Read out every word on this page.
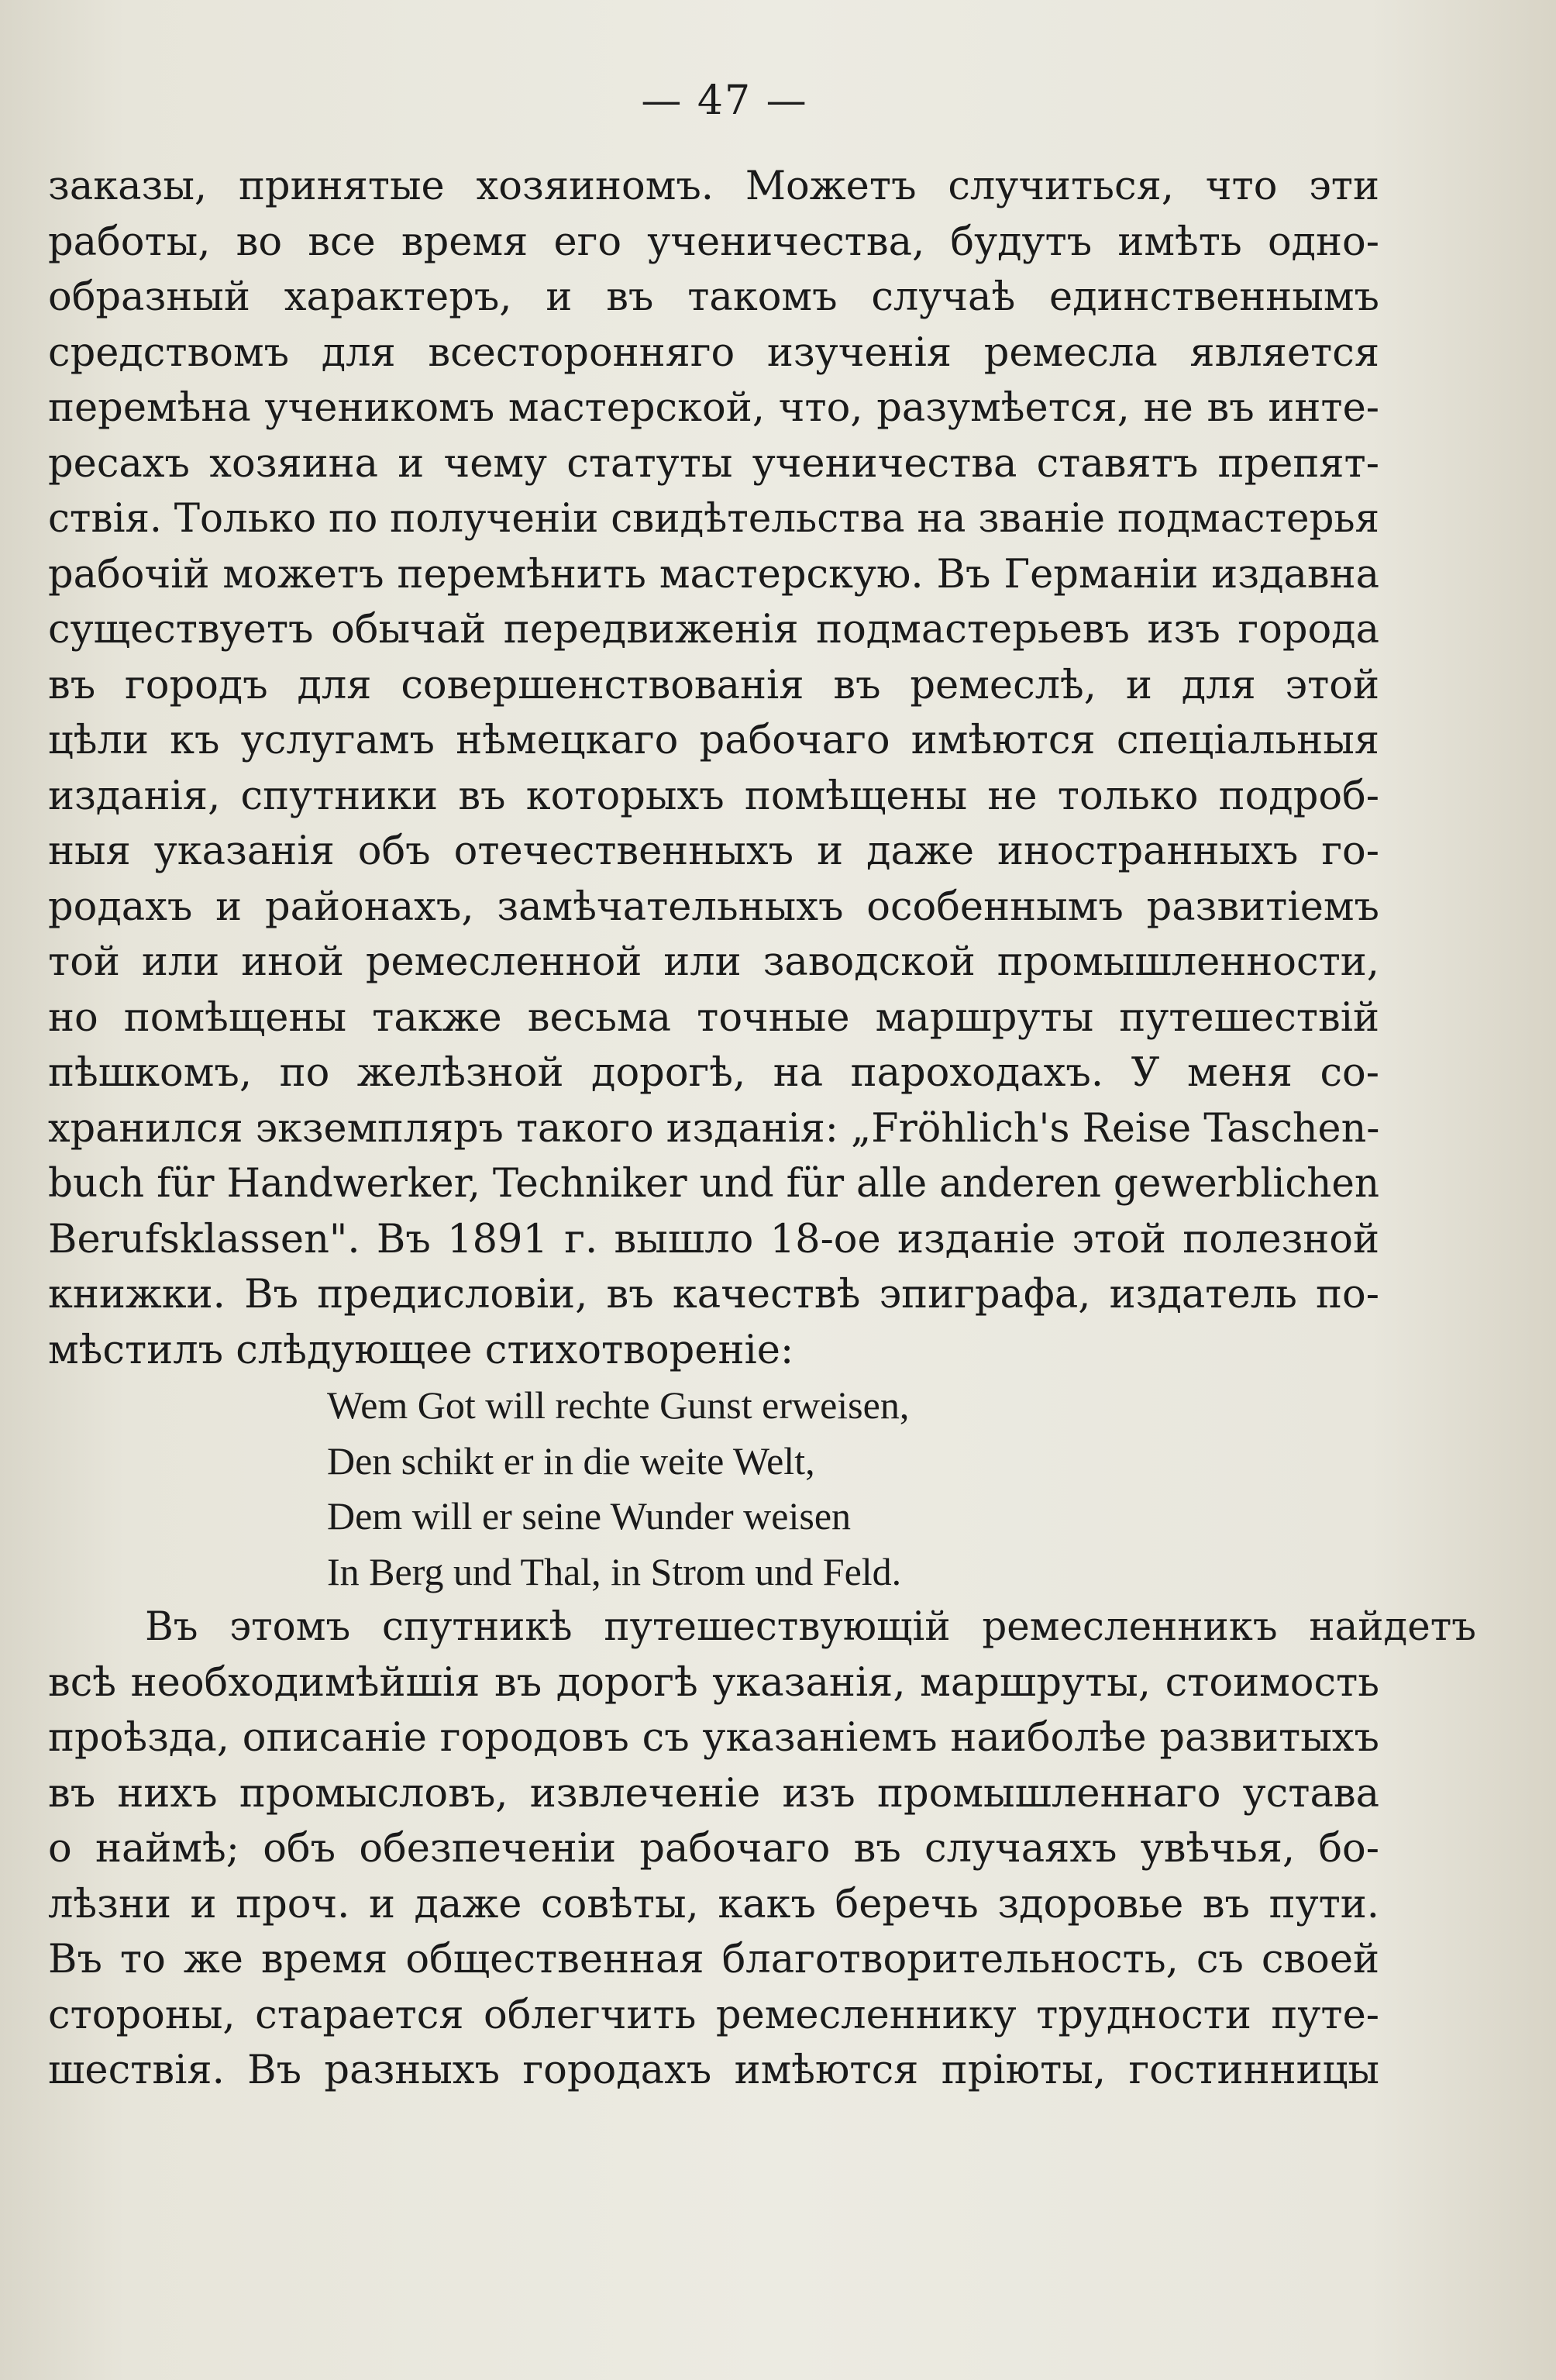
— 47 —
заказы, принятые хозяиномъ. Можетъ случиться, что эти
работы, во все время его ученичества, будутъ имѣть одно-
образный характеръ, и въ такомъ случаѣ единственнымъ
средствомъ для всесторонняго изученія ремесла является
перемѣна ученикомъ мастерской, что, разумѣется, не въ инте-
ресахъ хозяина и чему статуты ученичества ставятъ препят-
ствія. Только по полученіи свидѣтельства на званіе подмастерья
рабочій можетъ перемѣнить мастерскую. Въ Германіи издавна
существуетъ обычай передвиженія подмастерьевъ изъ города
въ городъ для совершенствованія въ ремеслѣ, и для этой
цѣли къ услугамъ нѣмецкаго рабочаго имѣются спеціальныя
изданія, спутники въ которыхъ помѣщены не только подроб-
ныя указанія объ отечественныхъ и даже иностранныхъ го-
родахъ и районахъ, замѣчательныхъ особеннымъ развитіемъ
той или иной ремесленной или заводской промышленности,
но помѣщены также весьма точные маршруты путешествій
пѣшкомъ, по желѣзной дорогѣ, на пароходахъ. У меня со-
хранился экземпляръ такого изданія: „Fröhlich's Reise Taschen-
buch für Handwerker, Techniker und für alle anderen gewerblichen
Berufsklassen". Въ 1891 г. вышло 18-ое изданіе этой полезной
книжки. Въ предисловіи, въ качествѣ эпиграфа, издатель по-
мѣстилъ слѣдующее стихотвореніе:
Wem Got will rechte Gunst erweisen,
Den schikt er in die weite Welt,
Dem will er seine Wunder weisen
In Berg und Thal, in Strom und Feld.
Въ этомъ спутникѣ путешествующій ремесленникъ найдетъ
всѣ необходимѣйшія въ дорогѣ указанія, маршруты, стоимость
проѣзда, описаніе городовъ съ указаніемъ наиболѣе развитыхъ
въ нихъ промысловъ, извлеченіе изъ промышленнаго устава
о наймѣ; объ обезпеченіи рабочаго въ случаяхъ увѣчья, бо-
лѣзни и проч. и даже совѣты, какъ беречь здоровье въ пути.
Въ то же время общественная благотворительность, съ своей
стороны, старается облегчить ремесленнику трудности путе-
шествія. Въ разныхъ городахъ имѣются пріюты, гостинницы
